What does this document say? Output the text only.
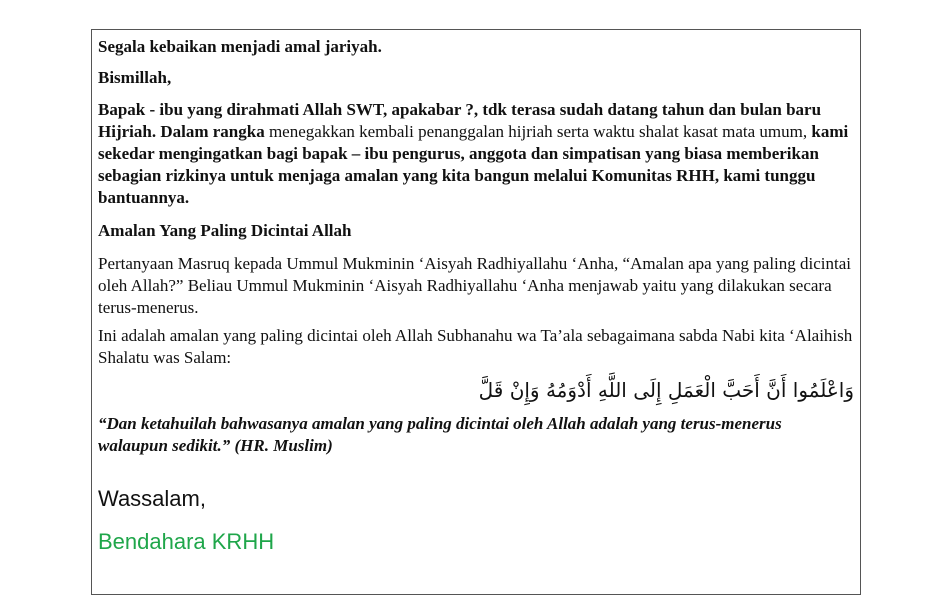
Segala kebaikan menjadi amal jariyah.

Bismillah,

Bapak - ibu yang dirahmati Allah SWT, apakabar ?, tdk terasa sudah datang tahun dan bulan baru Hijriah. Dalam rangka menegakkan kembali penanggalan hijriah serta waktu shalat kasat mata umum, kami sekedar mengingatkan bagi bapak – ibu pengurus, anggota dan simpatisan yang biasa memberikan sebagian rizkinya untuk menjaga amalan yang kita bangun melalui Komunitas RHH, kami tunggu bantuannya.

Amalan Yang Paling Dicintai Allah

Pertanyaan Masruq kepada Ummul Mukminin ‘Aisyah Radhiyallahu ‘Anha, “Amalan apa yang paling dicintai oleh Allah?” Beliau Ummul Mukminin ‘Aisyah Radhiyallahu ‘Anha menjawab yaitu yang dilakukan secara terus-menerus.

Ini adalah amalan yang paling dicintai oleh Allah Subhanahu wa Ta’ala sebagaimana sabda Nabi kita ‘Alaihish Shalatu was Salam:

وَاعْلَمُوا أَنَّ أَحَبَّ الْعَمَلِ إِلَى اللَّهِ أَدْوَمُهُ وَإِنْ قَلَّ

“Dan ketahuilah bahwasanya amalan yang paling dicintai oleh Allah adalah yang terus-menerus walaupun sedikit.” (HR. Muslim)

Wassalam,

Bendahara KRHH
